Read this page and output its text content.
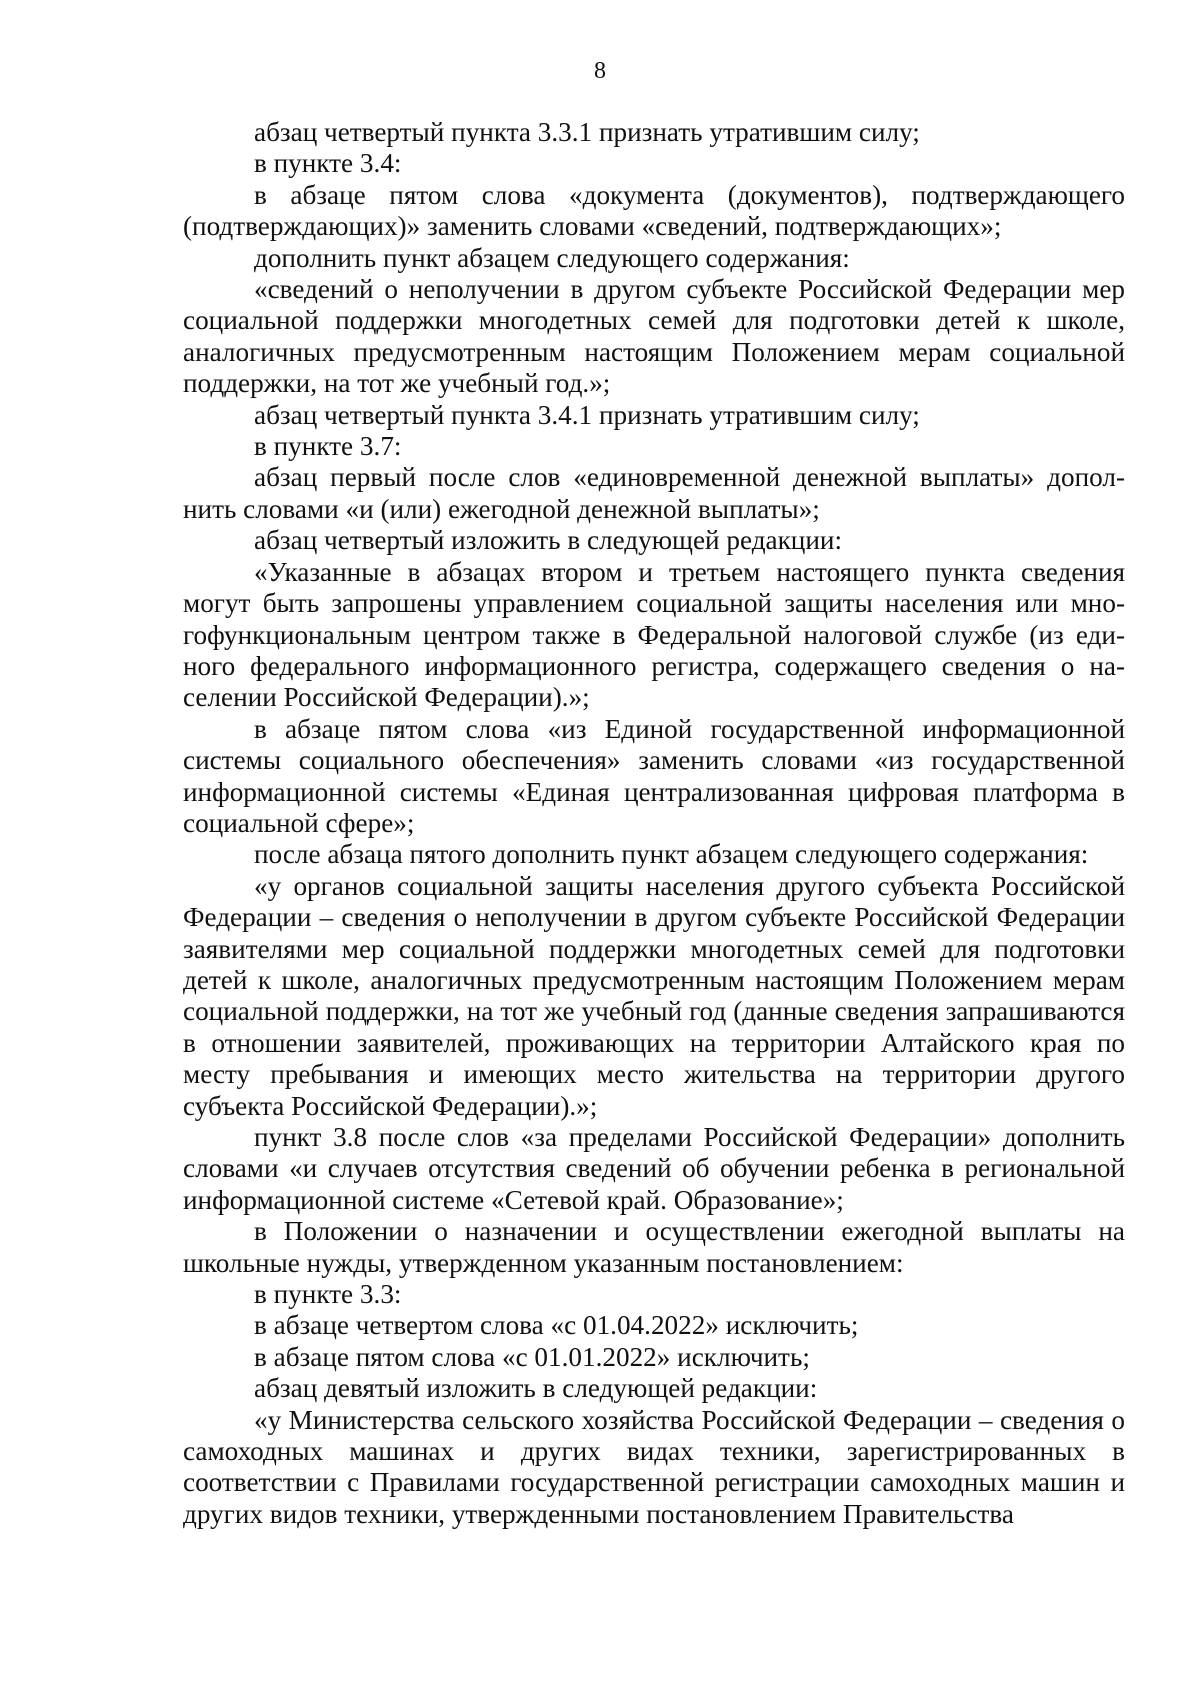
8

абзац четвертый пункта 3.3.1 признать утратившим силу;

в пункте 3.4:

в абзаце пятом слова «документа (документов), подтверждающего (подтверждающих)» заменить словами «сведений, подтверждающих»;

дополнить пункт абзацем следующего содержания:

«сведений о неполучении в другом субъекте Российской Федерации мер социальной поддержки многодетных семей для подготовки детей к школе, аналогичных предусмотренным настоящим Положением мерам социальной поддержки, на тот же учебный год.»;

абзац четвертый пункта 3.4.1 признать утратившим силу;

в пункте 3.7:

абзац первый после слов «единовременной денежной выплаты» дополнить словами «и (или) ежегодной денежной выплаты»;

абзац четвертый изложить в следующей редакции:

«Указанные в абзацах втором и третьем настоящего пункта сведения могут быть запрошены управлением социальной защиты населения или многофункциональным центром также в Федеральной налоговой службе (из единого федерального информационного регистра, содержащего сведения о населении Российской Федерации).»;

в абзаце пятом слова «из Единой государственной информационной системы социального обеспечения» заменить словами «из государственной информационной системы «Единая централизованная цифровая платформа в социальной сфере»;

после абзаца пятого дополнить пункт абзацем следующего содержания:

«у органов социальной защиты населения другого субъекта Российской Федерации – сведения о неполучении в другом субъекте Российской Федерации заявителями мер социальной поддержки многодетных семей для подготовки детей к школе, аналогичных предусмотренным настоящим Положением мерам социальной поддержки, на тот же учебный год (данные сведения запрашиваются в отношении заявителей, проживающих на территории Алтайского края по месту пребывания и имеющих место жительства на территории другого субъекта Российской Федерации).»;

пункт 3.8 после слов «за пределами Российской Федерации» дополнить словами «и случаев отсутствия сведений об обучении ребенка в региональной информационной системе «Сетевой край. Образование»;

в Положении о назначении и осуществлении ежегодной выплаты на школьные нужды, утвержденном указанным постановлением:

в пункте 3.3:

в абзаце четвертом слова «с 01.04.2022» исключить;

в абзаце пятом слова «с 01.01.2022» исключить;

абзац девятый изложить в следующей редакции:

«у Министерства сельского хозяйства Российской Федерации – сведения о самоходных машинах и других видах техники, зарегистрированных в соответствии с Правилами государственной регистрации самоходных машин и других видов техники, утвержденными постановлением Правительства
